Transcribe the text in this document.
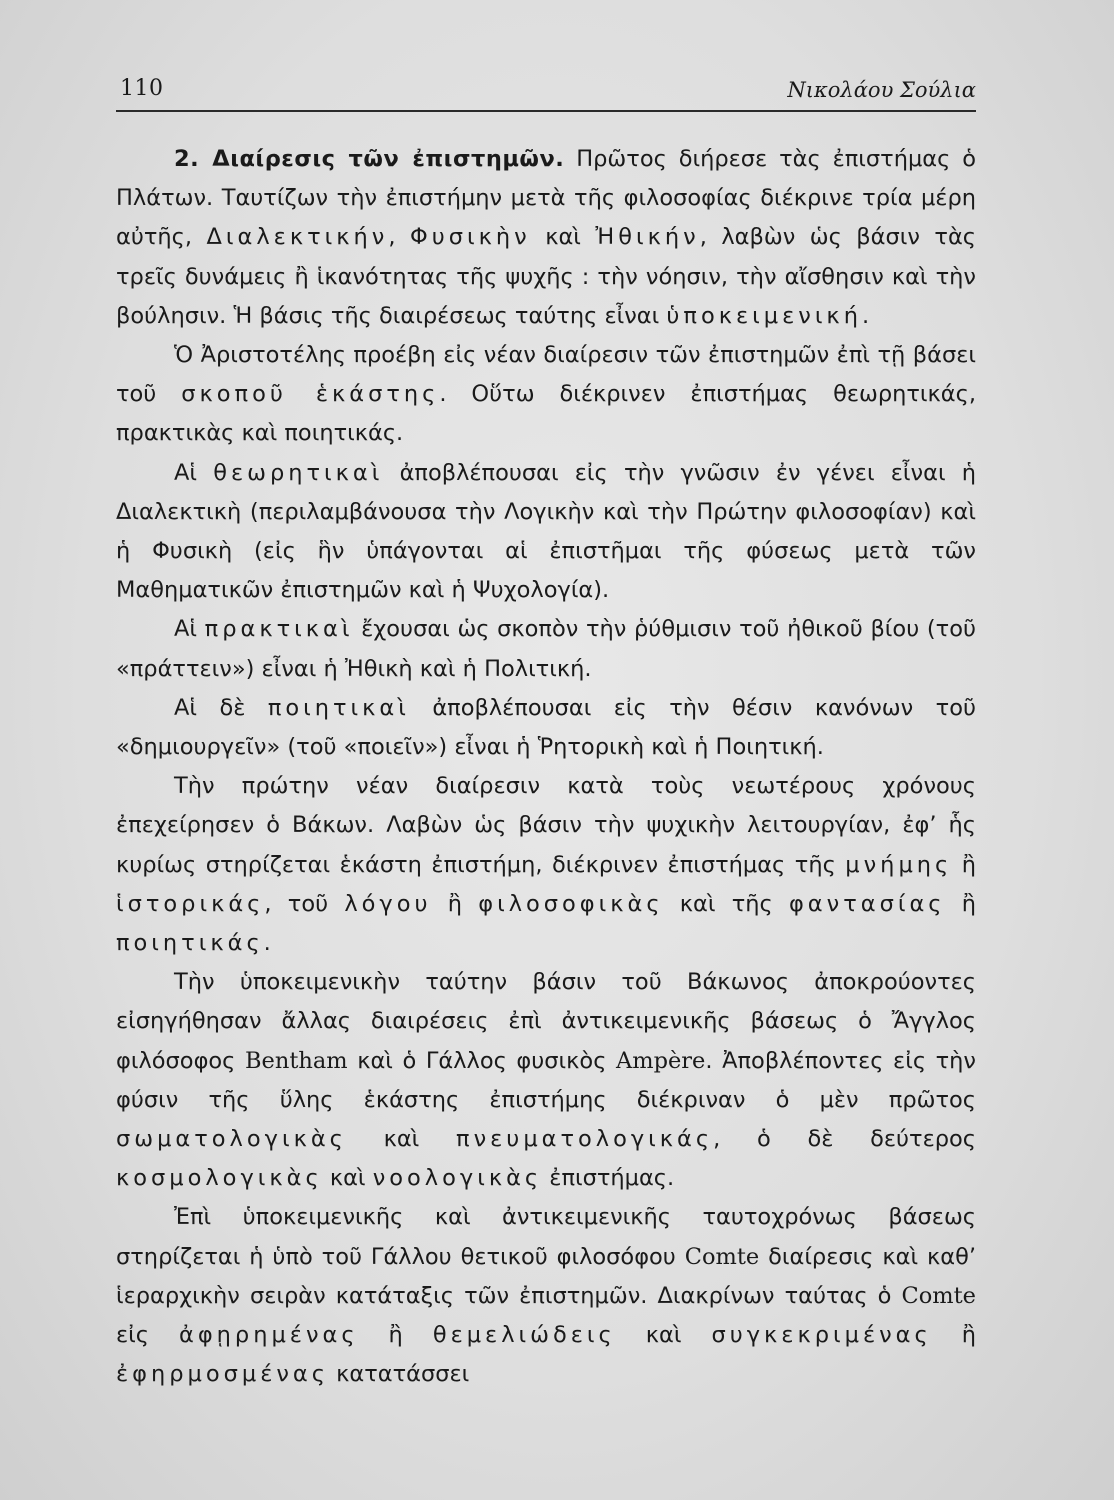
110	Νικολάου Σούλια

2. Διαίρεσις τῶν ἐπιστημῶν. Πρῶτος διήρεσε τὰς ἐπιστήμας ὁ Πλάτων. Ταυτίζων τὴν ἐπιστήμην μετὰ τῆς φιλοσοφίας διέκρινε τρία μέρη αὐτῆς, Διαλεκτικήν, Φυσικὴν καὶ Ἠθικήν, λαβὼν ὡς βάσιν τὰς τρεῖς δυνάμεις ἢ ἱκανότητας τῆς ψυχῆς : τὴν νόησιν, τὴν αἴσθησιν καὶ τὴν βούλησιν. Ἡ βάσις τῆς διαιρέσεως ταύτης εἶναι ὑποκειμενική.

Ὁ Ἀριστοτέλης προέβη εἰς νέαν διαίρεσιν τῶν ἐπιστημῶν ἐπὶ τῇ βάσει τοῦ σκοποῦ ἑκάστης. Οὕτω διέκρινεν ἐπιστήμας θεωρητικάς, πρακτικὰς καὶ ποιητικάς.

Αἱ θεωρητικαὶ ἀποβλέπουσαι εἰς τὴν γνῶσιν ἐν γένει εἶναι ἡ Διαλεκτικὴ (περιλαμβάνουσα τὴν Λογικὴν καὶ τὴν Πρώτην φιλοσοφίαν) καὶ ἡ Φυσικὴ (εἰς ἣν ὑπάγονται αἱ ἐπιστῆμαι τῆς φύσεως μετὰ τῶν Μαθηματικῶν ἐπιστημῶν καὶ ἡ Ψυχολογία).

Αἱ πρακτικαὶ ἔχουσαι ὡς σκοπὸν τὴν ῥύθμισιν τοῦ ἠθικοῦ βίου (τοῦ «πράττειν») εἶναι ἡ Ἠθικὴ καὶ ἡ Πολιτική.

Αἱ δὲ ποιητικαὶ ἀποβλέπουσαι εἰς τὴν θέσιν κανόνων τοῦ «δημιουργεῖν» (τοῦ «ποιεῖν») εἶναι ἡ Ῥητορικὴ καὶ ἡ Ποιητική.

Τὴν πρώτην νέαν διαίρεσιν κατὰ τοὺς νεωτέρους χρόνους ἐπεχείρησεν ὁ Βάκων. Λαβὼν ὡς βάσιν τὴν ψυχικὴν λειτουργίαν, ἐφ’ ἧς κυρίως στηρίζεται ἑκάστη ἐπιστήμη, διέκρινεν ἐπιστήμας τῆς μνήμης ἢ ἱστορικάς, τοῦ λόγου ἢ φιλοσοφικὰς καὶ τῆς φαντασίας ἢ ποιητικάς.

Τὴν ὑποκειμενικὴν ταύτην βάσιν τοῦ Βάκωνος ἀποκρούοντες εἰσηγήθησαν ἄλλας διαιρέσεις ἐπὶ ἀντικειμενικῆς βάσεως ὁ Ἄγγλος φιλόσοφος Bentham καὶ ὁ Γάλλος φυσικὸς Ampère. Ἀποβλέποντες εἰς τὴν φύσιν τῆς ὕλης ἑκάστης ἐπιστήμης διέκριναν ὁ μὲν πρῶτος σωματολογικὰς καὶ πνευματολογικάς, ὁ δὲ δεύτερος κοσμολογικὰς καὶ νοολογικὰς ἐπιστήμας.

Ἐπὶ ὑποκειμενικῆς καὶ ἀντικειμενικῆς ταυτοχρόνως βάσεως στηρίζεται ἡ ὑπὸ τοῦ Γάλλου θετικοῦ φιλοσόφου Comte διαίρεσις καὶ καθ’ ἱεραρχικὴν σειρὰν κατάταξις τῶν ἐπιστημῶν. Διακρίνων ταύτας ὁ Comte εἰς ἀφῃρημένας ἢ θεμελιώδεις καὶ συγκεκριμένας ἢ ἐφηρμοσμένας κατατάσσει
